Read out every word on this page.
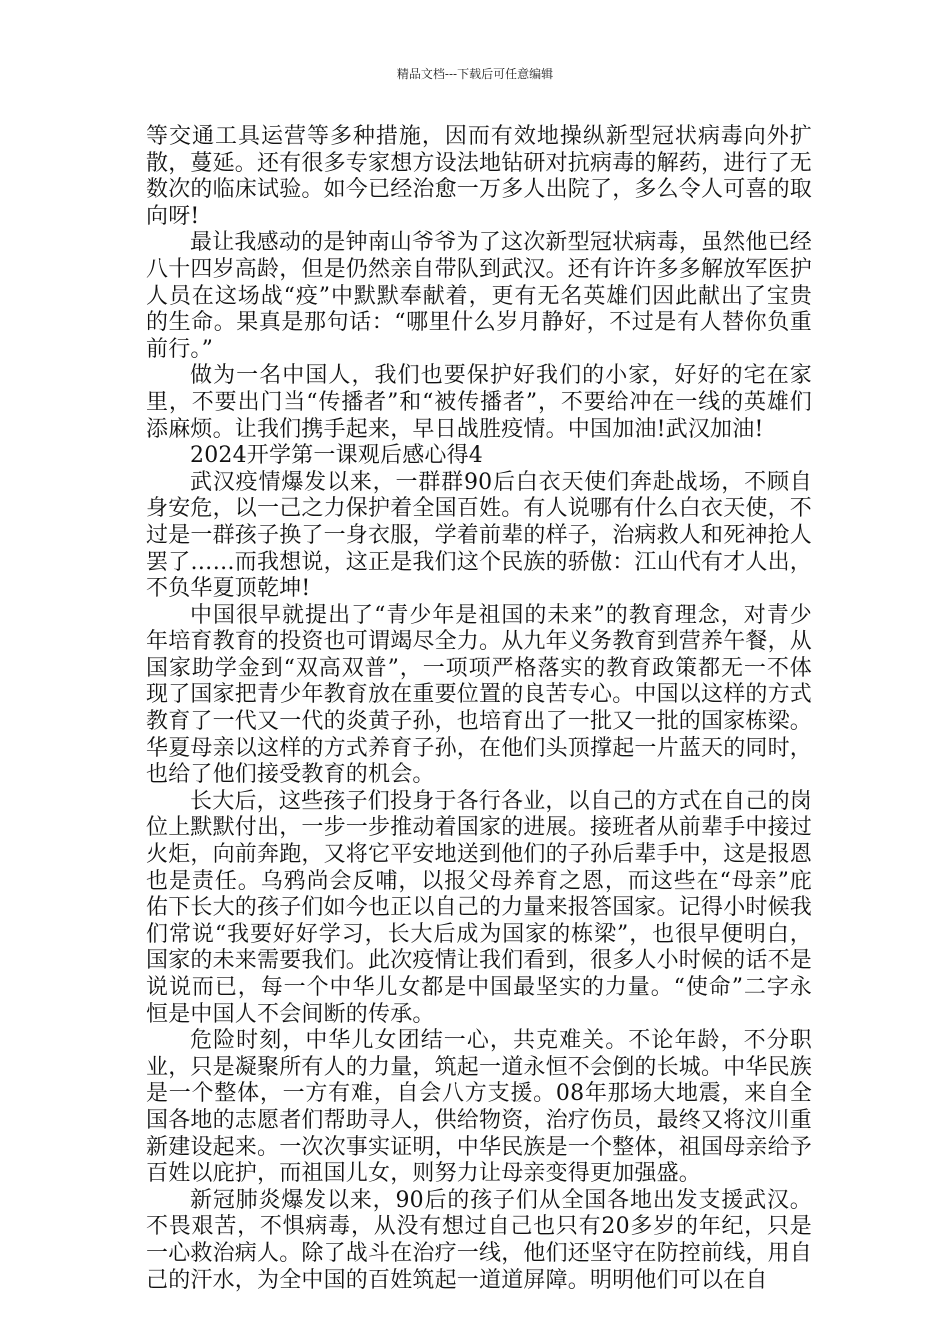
精品文档---下载后可任意编辑

等交通工具运营等多种措施，因而有效地操纵新型冠状病毒向外扩散，蔓延。还有很多专家想方设法地钻研对抗病毒的解药，进行了无数次的临床试验。如今已经治愈一万多人出院了，多么令人可喜的取向呀!

最让我感动的是钟南山爷爷为了这次新型冠状病毒，虽然他已经八十四岁高龄，但是仍然亲自带队到武汉。还有许许多多解放军医护人员在这场战“疫”中默默奉献着，更有无名英雄们因此献出了宝贵的生命。果真是那句话：“哪里什么岁月静好，不过是有人替你负重前行。”

做为一名中国人，我们也要保护好我们的小家，好好的宅在家里，不要出门当“传播者”和“被传播者”，不要给冲在一线的英雄们添麻烦。让我们携手起来，早日战胜疫情。中国加油!武汉加油!

2024开学第一课观后感心得4

武汉疫情爆发以来，一群群90后白衣天使们奔赴战场，不顾自身安危，以一己之力保护着全国百姓。有人说哪有什么白衣天使，不过是一群孩子换了一身衣服，学着前辈的样子，治病救人和死神抢人罢了……而我想说，这正是我们这个民族的骄傲：江山代有才人出，不负华夏顶乾坤!

中国很早就提出了“青少年是祖国的未来”的教育理念，对青少年培育教育的投资也可谓竭尽全力。从九年义务教育到营养午餐，从国家助学金到“双高双普”，一项项严格落实的教育政策都无一不体现了国家把青少年教育放在重要位置的良苦专心。中国以这样的方式教育了一代又一代的炎黄子孙，也培育出了一批又一批的国家栋梁。华夏母亲以这样的方式养育子孙，在他们头顶撑起一片蓝天的同时，也给了他们接受教育的机会。

长大后，这些孩子们投身于各行各业，以自己的方式在自己的岗位上默默付出，一步一步推动着国家的进展。接班者从前辈手中接过火炬，向前奔跑，又将它平安地送到他们的子孙后辈手中，这是报恩也是责任。乌鸦尚会反哺，以报父母养育之恩，而这些在“母亲”庇佑下长大的孩子们如今也正以自己的力量来报答国家。记得小时候我们常说“我要好好学习，长大后成为国家的栋梁”，也很早便明白，国家的未来需要我们。此次疫情让我们看到，很多人小时候的话不是说说而已，每一个中华儿女都是中国最坚实的力量。“使命”二字永恒是中国人不会间断的传承。

危险时刻，中华儿女团结一心，共克难关。不论年龄，不分职业，只是凝聚所有人的力量，筑起一道永恒不会倒的长城。中华民族是一个整体，一方有难，自会八方支援。08年那场大地震，来自全国各地的志愿者们帮助寻人，供给物资，治疗伤员，最终又将汶川重新建设起来。一次次事实证明，中华民族是一个整体，祖国母亲给予百姓以庇护，而祖国儿女，则努力让母亲变得更加强盛。

新冠肺炎爆发以来，90后的孩子们从全国各地出发支援武汉。不畏艰苦，不惧病毒，从没有想过自己也只有20多岁的年纪，只是一心救治病人。除了战斗在治疗一线，他们还坚守在防控前线，用自己的汗水，为全中国的百姓筑起一道道屏障。明明他们可以在自
